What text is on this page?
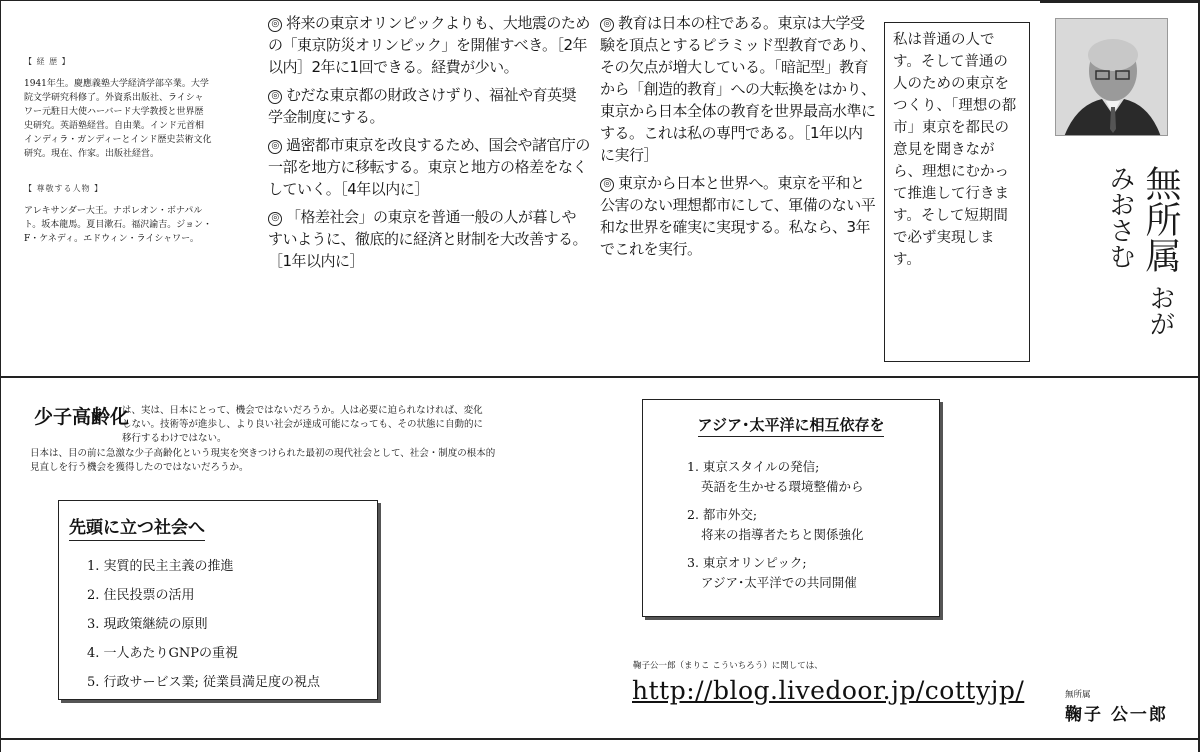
【 経 歴 】
1941年生。慶應義塾大学経済学部卒業。大学院文学研究科修了。外資系出版社、ライシャワー元駐日大使ハーバード大学教授と世界歴史研究。英語塾経営。自由業。インド元首相インディラ・ガンディーとインド歴史芸術文化研究。現在、作家。出版社経営。
【 尊敬する人物 】
アレキサンダー大王。ナポレオン・ボナパルト。坂本龍馬。夏目漱石。福沢諭吉。ジョン・F・ケネディ。エドウィン・ライシャワー。
◎ 将来の東京オリンピックよりも、大地震のための「東京防災オリンピック」を開催すべき。［2年以内］2年に1回できる。経費が少い。
◎ むだな東京都の財政さけずり、福祉や育英奨学金制度にする。
◎ 過密都市東京を改良するため、国会や諸官庁の一部を地方に移転する。東京と地方の格差をなくしていく。［4年以内に］
◎ 「格差社会」の東京を普通一般の人が暮しやすいように、徹底的に経済と財制を大改善する。［1年以内に］
◎ 教育は日本の柱である。東京は大学受験を頂点とするピラミッド型教育であり、その欠点が増大している。「暗記型」教育から「創造的教育」への大転換をはかり、東京から日本全体の教育を世界最高水準にする。これは私の専門である。［1年以内に実行］
◎ 東京から日本と世界へ。東京を平和と公害のない理想都市にして、軍備のない平和な世界を確実に実現する。私なら、3年でこれを実行。
私は普通の人です。そして普通の人のための東京をつくり、「理想の都市」東京を都民の意見を聞きながら、理想にむかって推進して行きます。そして短期間で必ず実現します。	無所属 おがみおさむ
少子高齢化
は、実は、日本にとって、機会ではないだろうか。人は必要に迫られなければ、変化しない。技術等が進歩し、より良い社会が達成可能になっても、その状態に自動的に移行するわけではない。
日本は、目の前に急激な少子高齢化という現実を突きつけられた最初の現代社会として、社会・制度の根本的見直しを行う機会を獲得したのではないだろうか。
先頭に立つ社会へ
1. 実質的民主主義の推進
2. 住民投票の活用
3. 現政策継続の原則
4. 一人あたりGNPの重視
5. 行政サービス業; 従業員満足度の視点
アジア･太平洋に相互依存を
1. 東京スタイルの発信;
英語を生かせる環境整備から
2. 都市外交;
将来の指導者たちと関係強化
3. 東京オリンピック;
アジア･太平洋での共同開催
鞠子公一郎（まりこ こういちろう）に関しては、
http://blog.livedoor.jp/cottyjp/	無所属
鞠子 公一郎
